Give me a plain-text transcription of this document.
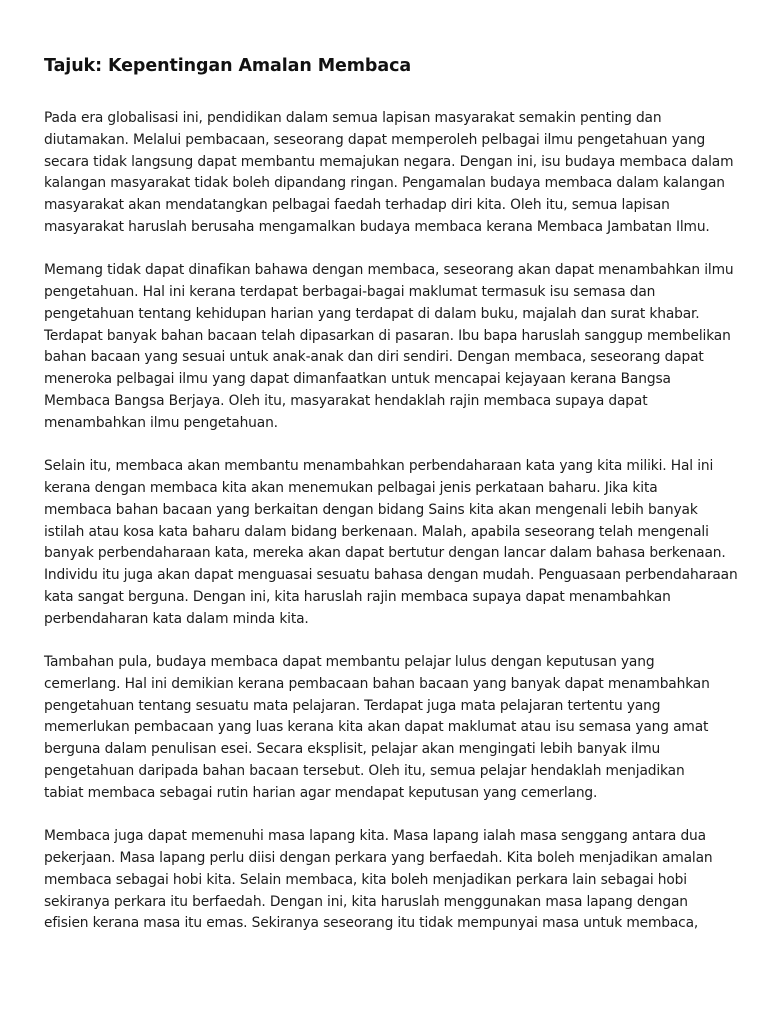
Tajuk: Kepentingan Amalan Membaca

Pada era globalisasi ini, pendidikan dalam semua lapisan masyarakat semakin penting dan
diutamakan. Melalui pembacaan, seseorang dapat memperoleh pelbagai ilmu pengetahuan yang
secara tidak langsung dapat membantu memajukan negara. Dengan ini, isu budaya membaca dalam
kalangan masyarakat tidak boleh dipandang ringan. Pengamalan budaya membaca dalam kalangan
masyarakat akan mendatangkan pelbagai faedah terhadap diri kita. Oleh itu, semua lapisan
masyarakat haruslah berusaha mengamalkan budaya membaca kerana Membaca Jambatan Ilmu.

Memang tidak dapat dinafikan bahawa dengan membaca, seseorang akan dapat menambahkan ilmu
pengetahuan. Hal ini kerana terdapat berbagai-bagai maklumat termasuk isu semasa dan
pengetahuan tentang kehidupan harian yang terdapat di dalam buku, majalah dan surat khabar.
Terdapat banyak bahan bacaan telah dipasarkan di pasaran. Ibu bapa haruslah sanggup membelikan
bahan bacaan yang sesuai untuk anak-anak dan diri sendiri. Dengan membaca, seseorang dapat
meneroka pelbagai ilmu yang dapat dimanfaatkan untuk mencapai kejayaan kerana Bangsa
Membaca Bangsa Berjaya. Oleh itu, masyarakat hendaklah rajin membaca supaya dapat
menambahkan ilmu pengetahuan.

Selain itu, membaca akan membantu menambahkan perbendaharaan kata yang kita miliki. Hal ini
kerana dengan membaca kita akan menemukan pelbagai jenis perkataan baharu. Jika kita
membaca bahan bacaan yang berkaitan dengan bidang Sains kita akan mengenali lebih banyak
istilah atau kosa kata baharu dalam bidang berkenaan. Malah, apabila seseorang telah mengenali
banyak perbendaharaan kata, mereka akan dapat bertutur dengan lancar dalam bahasa berkenaan.
Individu itu juga akan dapat menguasai sesuatu bahasa dengan mudah. Penguasaan perbendaharaan
kata sangat berguna. Dengan ini, kita haruslah rajin membaca supaya dapat menambahkan
perbendaharan kata dalam minda kita.

Tambahan pula, budaya membaca dapat membantu pelajar lulus dengan keputusan yang
cemerlang. Hal ini demikian kerana pembacaan bahan bacaan yang banyak dapat menambahkan
pengetahuan tentang sesuatu mata pelajaran. Terdapat juga mata pelajaran tertentu yang
memerlukan pembacaan yang luas kerana kita akan dapat maklumat atau isu semasa yang amat
berguna dalam penulisan esei. Secara eksplisit, pelajar akan mengingati lebih banyak ilmu
pengetahuan daripada bahan bacaan tersebut. Oleh itu, semua pelajar hendaklah menjadikan
tabiat membaca sebagai rutin harian agar mendapat keputusan yang cemerlang.

Membaca juga dapat memenuhi masa lapang kita. Masa lapang ialah masa senggang antara dua
pekerjaan. Masa lapang perlu diisi dengan perkara yang berfaedah. Kita boleh menjadikan amalan
membaca sebagai hobi kita. Selain membaca, kita boleh menjadikan perkara lain sebagai hobi
sekiranya perkara itu berfaedah. Dengan ini, kita haruslah menggunakan masa lapang dengan
efisien kerana masa itu emas. Sekiranya seseorang itu tidak mempunyai masa untuk membaca,
